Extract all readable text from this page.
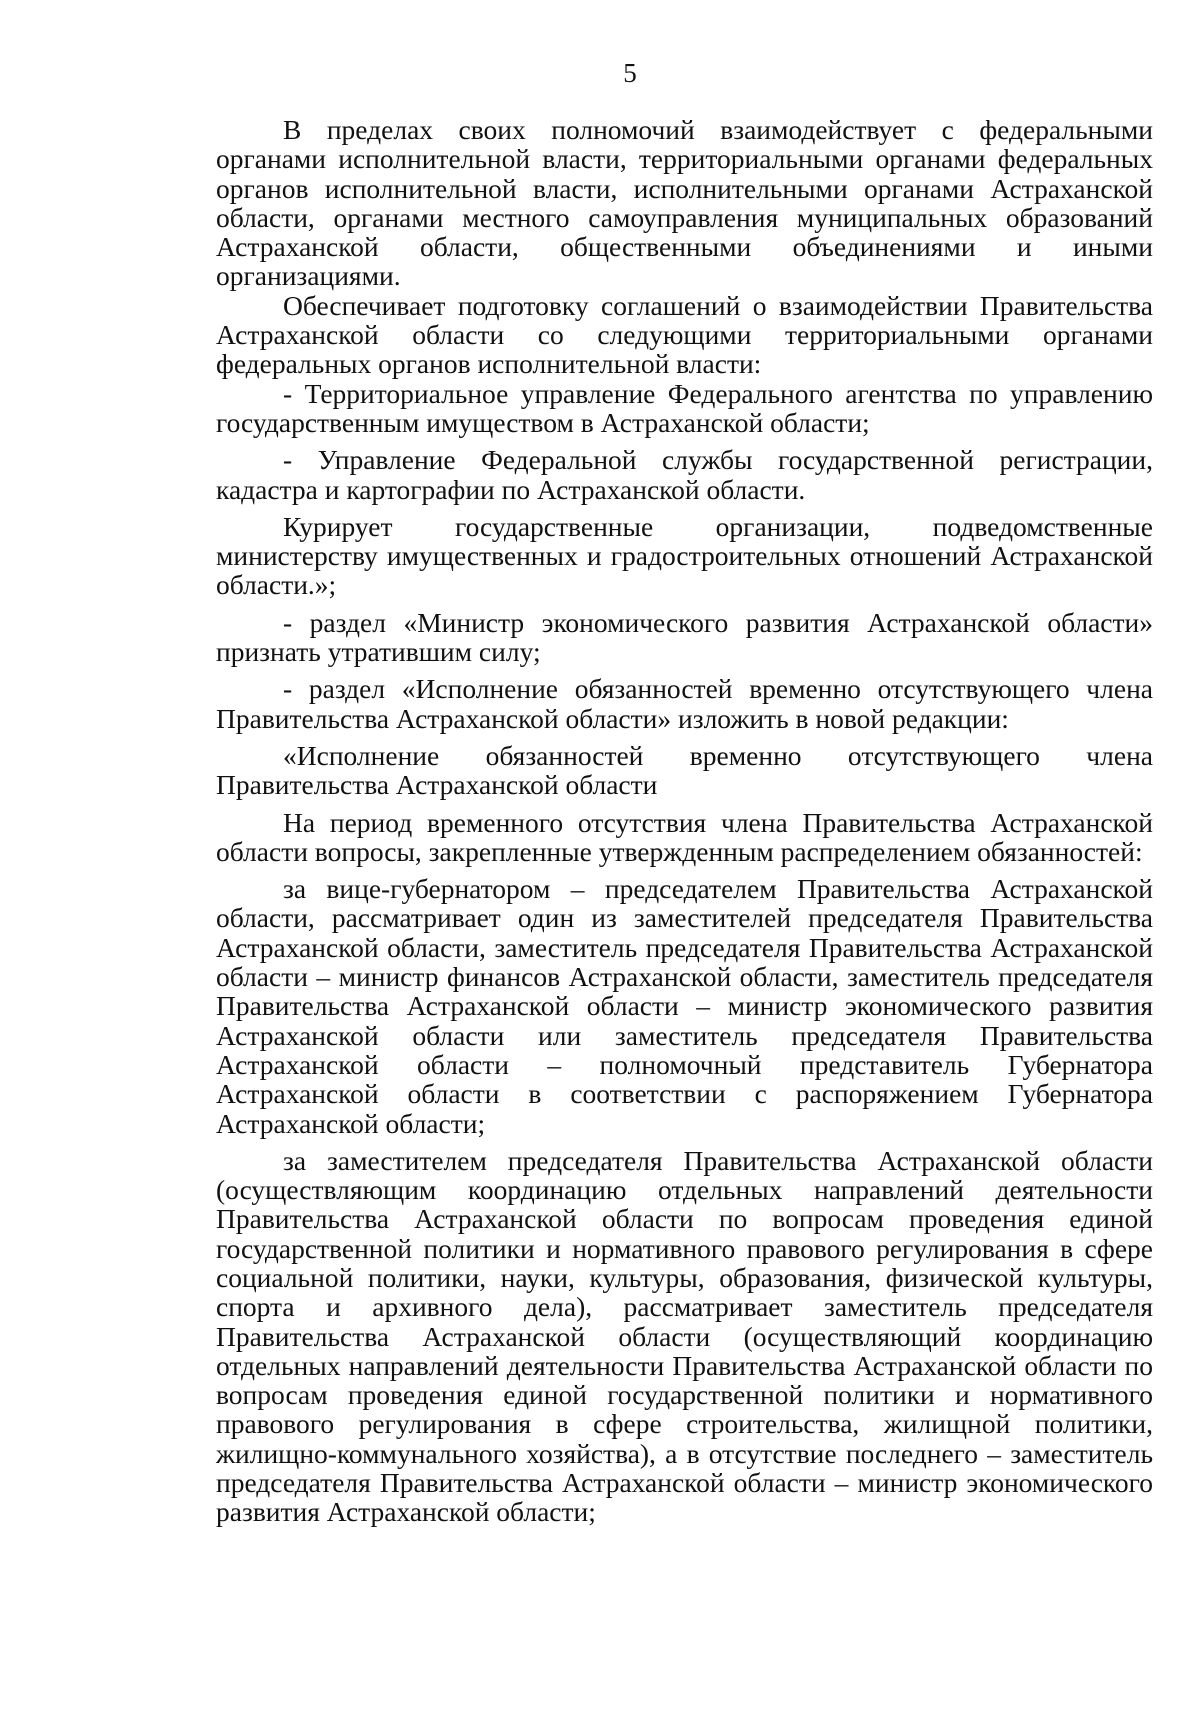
5

В пределах своих полномочий взаимодействует с федеральными органами исполнительной власти, территориальными органами федеральных органов исполнительной власти, исполнительными органами Астраханской области, органами местного самоуправления муниципальных образований Астраханской области, общественными объединениями и иными организациями.

Обеспечивает подготовку соглашений о взаимодействии Правительства Астраханской области со следующими территориальными органами федеральных органов исполнительной власти:

- Территориальное управление Федерального агентства по управлению государственным имуществом в Астраханской области;

- Управление Федеральной службы государственной регистрации, кадастра и картографии по Астраханской области.

Курирует государственные организации, подведомственные министерству имущественных и градостроительных отношений Астраханской области.»;

- раздел «Министр экономического развития Астраханской области» признать утратившим силу;

- раздел «Исполнение обязанностей временно отсутствующего члена Правительства Астраханской области» изложить в новой редакции:

«Исполнение обязанностей временно отсутствующего члена Правительства Астраханской области

На период временного отсутствия члена Правительства Астраханской области вопросы, закрепленные утвержденным распределением обязанностей:

за вице-губернатором – председателем Правительства Астраханской области, рассматривает один из заместителей председателя Правительства Астраханской области, заместитель председателя Правительства Астраханской области – министр финансов Астраханской области, заместитель председателя Правительства Астраханской области – министр экономического развития Астраханской области или заместитель председателя Правительства Астраханской области – полномочный представитель Губернатора Астраханской области в соответствии с распоряжением Губернатора Астраханской области;

за заместителем председателя Правительства Астраханской области (осуществляющим координацию отдельных направлений деятельности Правительства Астраханской области по вопросам проведения единой государственной политики и нормативного правового регулирования в сфере социальной политики, науки, культуры, образования, физической культуры, спорта и архивного дела), рассматривает заместитель председателя Правительства Астраханской области (осуществляющий координацию отдельных направлений деятельности Правительства Астраханской области по вопросам проведения единой государственной политики и нормативного правового регулирования в сфере строительства, жилищной политики, жилищно-коммунального хозяйства), а в отсутствие последнего – заместитель председателя Правительства Астраханской области – министр экономического развития Астраханской области;
